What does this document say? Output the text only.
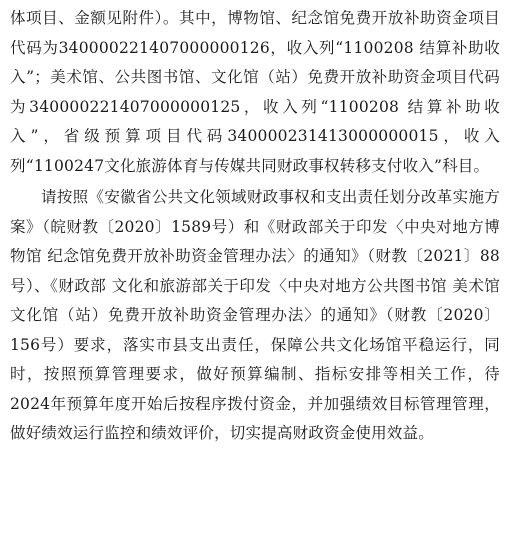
体项目、金额见附件）。其中，博物馆、纪念馆免费开放补助资金项目代码为340000221407000000126，收入列“1100208 结算补助收入”；美术馆、公共图书馆、文化馆（站）免费开放补助资金项目代码为340000221407000000125，收入列“1100208 结算补助收入”，省级预算项目代码340000231413000000015，收入列“1100247文化旅游体育与传媒共同财政事权转移支付收入”科目。

请按照《安徽省公共文化领域财政事权和支出责任划分改革实施方案》（皖财教〔2020〕1589号）和《财政部关于印发〈中央对地方博物馆 纪念馆免费开放补助资金管理办法〉的通知》（财教〔2021〕88号）、《财政部 文化和旅游部关于印发〈中央对地方公共图书馆 美术馆 文化馆（站）免费开放补助资金管理办法〉的通知》（财教〔2020〕156号）要求，落实市县支出责任，保障公共文化场馆平稳运行，同时，按照预算管理要求，做好预算编制、指标安排等相关工作，待2024年预算年度开始后按程序拨付资金，并加强绩效目标管理管理，做好绩效运行监控和绩效评价，切实提高财政资金使用效益。
